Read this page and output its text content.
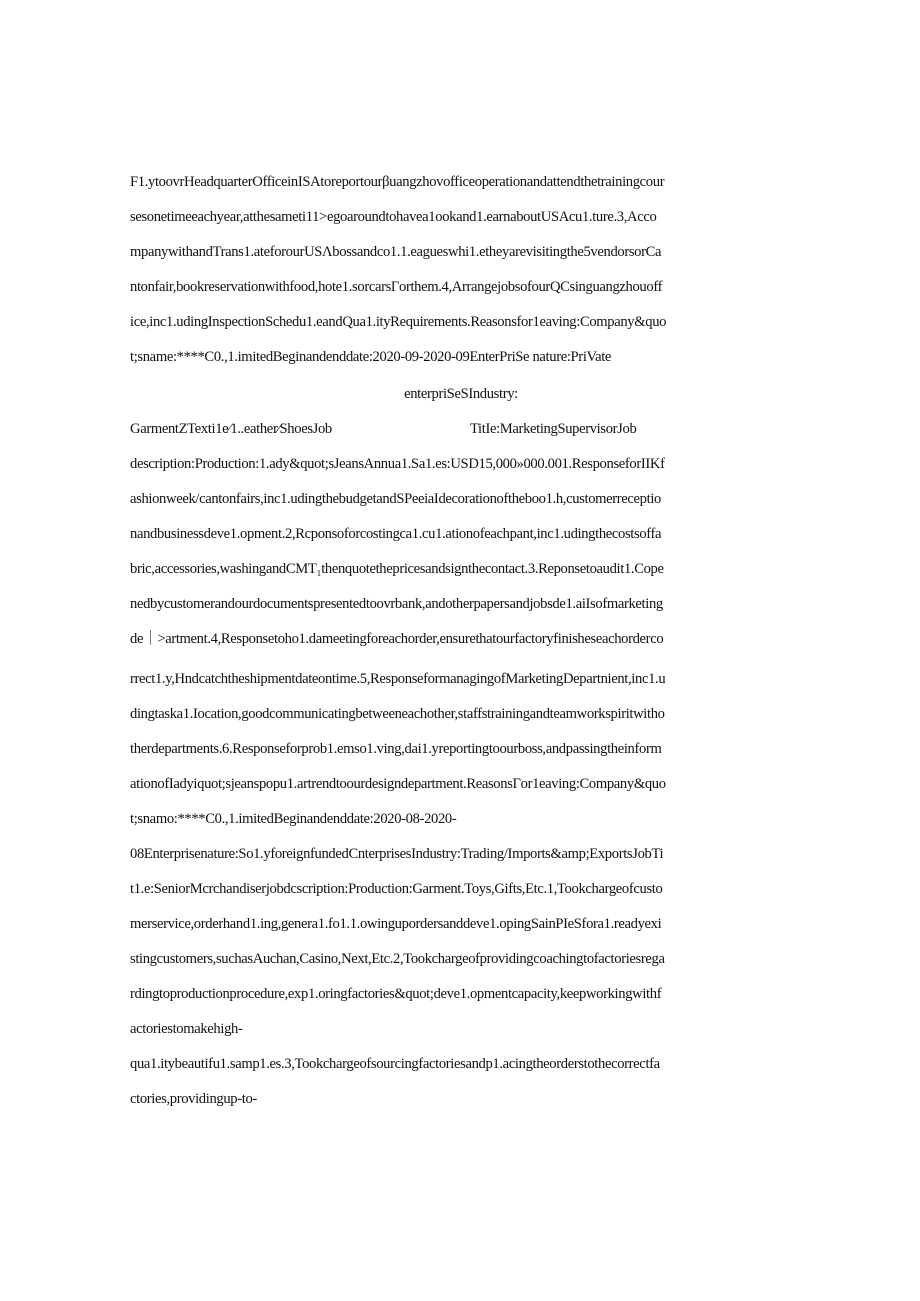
F1.ytoovrHeadquarterOfficeinISAtoreportourβuangzhovofficeoperationandattendthetrainingcour
sesonetimeeachyear,atthesameti11>egoaroundtohavea1ookand1.earnaboutUSAcu1.ture.3,Acco
mpanywithandTrans1.ateforourUSΛbossandco1.1.eagueswhi1.etheyarevisitingthe5vendorsorCa
ntonfair,bookreservationwithfood,hote1.sorcarsΓorthem.4,ArrangejobsofourQCsinguangzhouoff
ice,inc1.udingInspectionSchedu1.eandQua1.ityRequirements.Reasonsfor1eaving:Company&quo
t;sname:****C0.,1.imitedBeginandenddate:2020-09-2020-09EnterPriSe nature:PriVate
enterpriSeSIndustry:
GarmentZTexti1e⁄1..eather⁄ShoesJob	TitIe:MarketingSupervisorJob
description:Production:1.ady&quot;sJeansAnnua1.Sa1.es:USD15,000»000.001.ResponseforIIKf
ashionweek/cantonfairs,inc1.udingthebudgetandSPeeiaIdecorationoftheboo1.h,customerreceptio
nandbusinessdeve1.opment.2,Rcponsoforcostingca1.cu1.ationofeachpant,inc1.udingthecostsoffa
bric,accessories,washingandCMT₁thenquotethepricesandsignthecontact.3.Reponsetoaudit1.Cope
nedbycustomerandourdocumentspresentedtoovrbank,andotherpapersandjobsde1.aiIsofmarketing
de｜>artment.4,Responsetoho1.dameetingforeachorder,ensurethatourfactoryfinisheseachorderco
rrect1.y,Hndcatchtheshipmentdateontime.5,ResponseformanagingofMarketingDepartnient,inc1.u
dingtaska1.Iocation,goodcommunicatingbetweeneachother,staffstrainingandteamworkspiritwitho
therdepartments.6.Responseforprob1.emso1.ving,dai1.yreportingtoourboss,andpassingtheinform
ationofIadyiquot;sjeanspopu1.artrendtoourdesigndepartment.ReasonsΓor1eaving:Company&quo
t;snamo:****C0.,1.imitedBeginandenddate:2020-08-2020-
08Enterprisenature:So1.yforeignfundedCnterprisesIndustry:Trading/Imports&amp;ExportsJobTi
t1.e:SeniorMcrchandiserjobdcscription:Production:Garment.Toys,Gifts,Etc.1,Tookchargeofcusto
merservice,orderhand1.ing,genera1.fo1.1.owingupordersanddeve1.opingSainPIeSfora1.readyexi
stingcustomers,suchasAuchan,Casino,Next,Etc.2,Tookchargeofprovidingcoachingtofactoriesrega
rdingtoproductionprocedure,exp1.oringfactories&quot;deve1.opmentcapacity,keepworkingwithf
actoriestomakehigh-
qua1.itybeautifu1.samp1.es.3,Tookchargeofsourcingfactoriesandp1.acingtheorderstothecorrectfa
ctories,providingup-to-
